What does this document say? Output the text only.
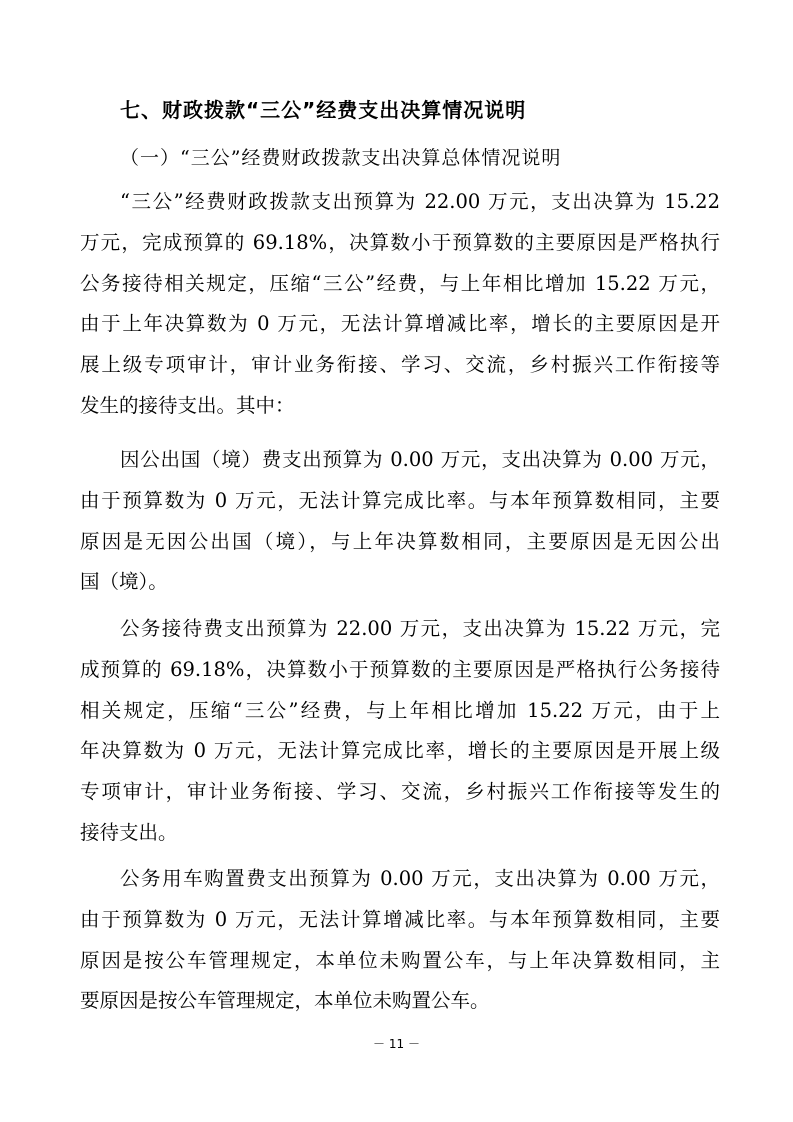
七、财政拨款“三公”经费支出决算情况说明
（一）“三公”经费财政拨款支出决算总体情况说明
“三公”经费财政拨款支出预算为 22.00 万元，支出决算为 15.22
万元，完成预算的 69.18%，决算数小于预算数的主要原因是严格执行
公务接待相关规定，压缩“三公”经费，与上年相比增加 15.22 万元，
由于上年决算数为 0 万元，无法计算增减比率，增长的主要原因是开
展上级专项审计，审计业务衔接、学习、交流，乡村振兴工作衔接等
发生的接待支出。其中：
因公出国（境）费支出预算为 0.00 万元，支出决算为 0.00 万元，
由于预算数为 0 万元，无法计算完成比率。与本年预算数相同，主要
原因是无因公出国（境），与上年决算数相同，主要原因是无因公出
国（境）。
公务接待费支出预算为 22.00 万元，支出决算为 15.22 万元，完
成预算的 69.18%，决算数小于预算数的主要原因是严格执行公务接待
相关规定，压缩“三公”经费，与上年相比增加 15.22 万元，由于上
年决算数为 0 万元，无法计算完成比率，增长的主要原因是开展上级
专项审计，审计业务衔接、学习、交流，乡村振兴工作衔接等发生的
接待支出。
公务用车购置费支出预算为 0.00 万元，支出决算为 0.00 万元，
由于预算数为 0 万元，无法计算增减比率。与本年预算数相同，主要
原因是按公车管理规定，本单位未购置公车，与上年决算数相同，主
要原因是按公车管理规定，本单位未购置公车。
－ 11 －
